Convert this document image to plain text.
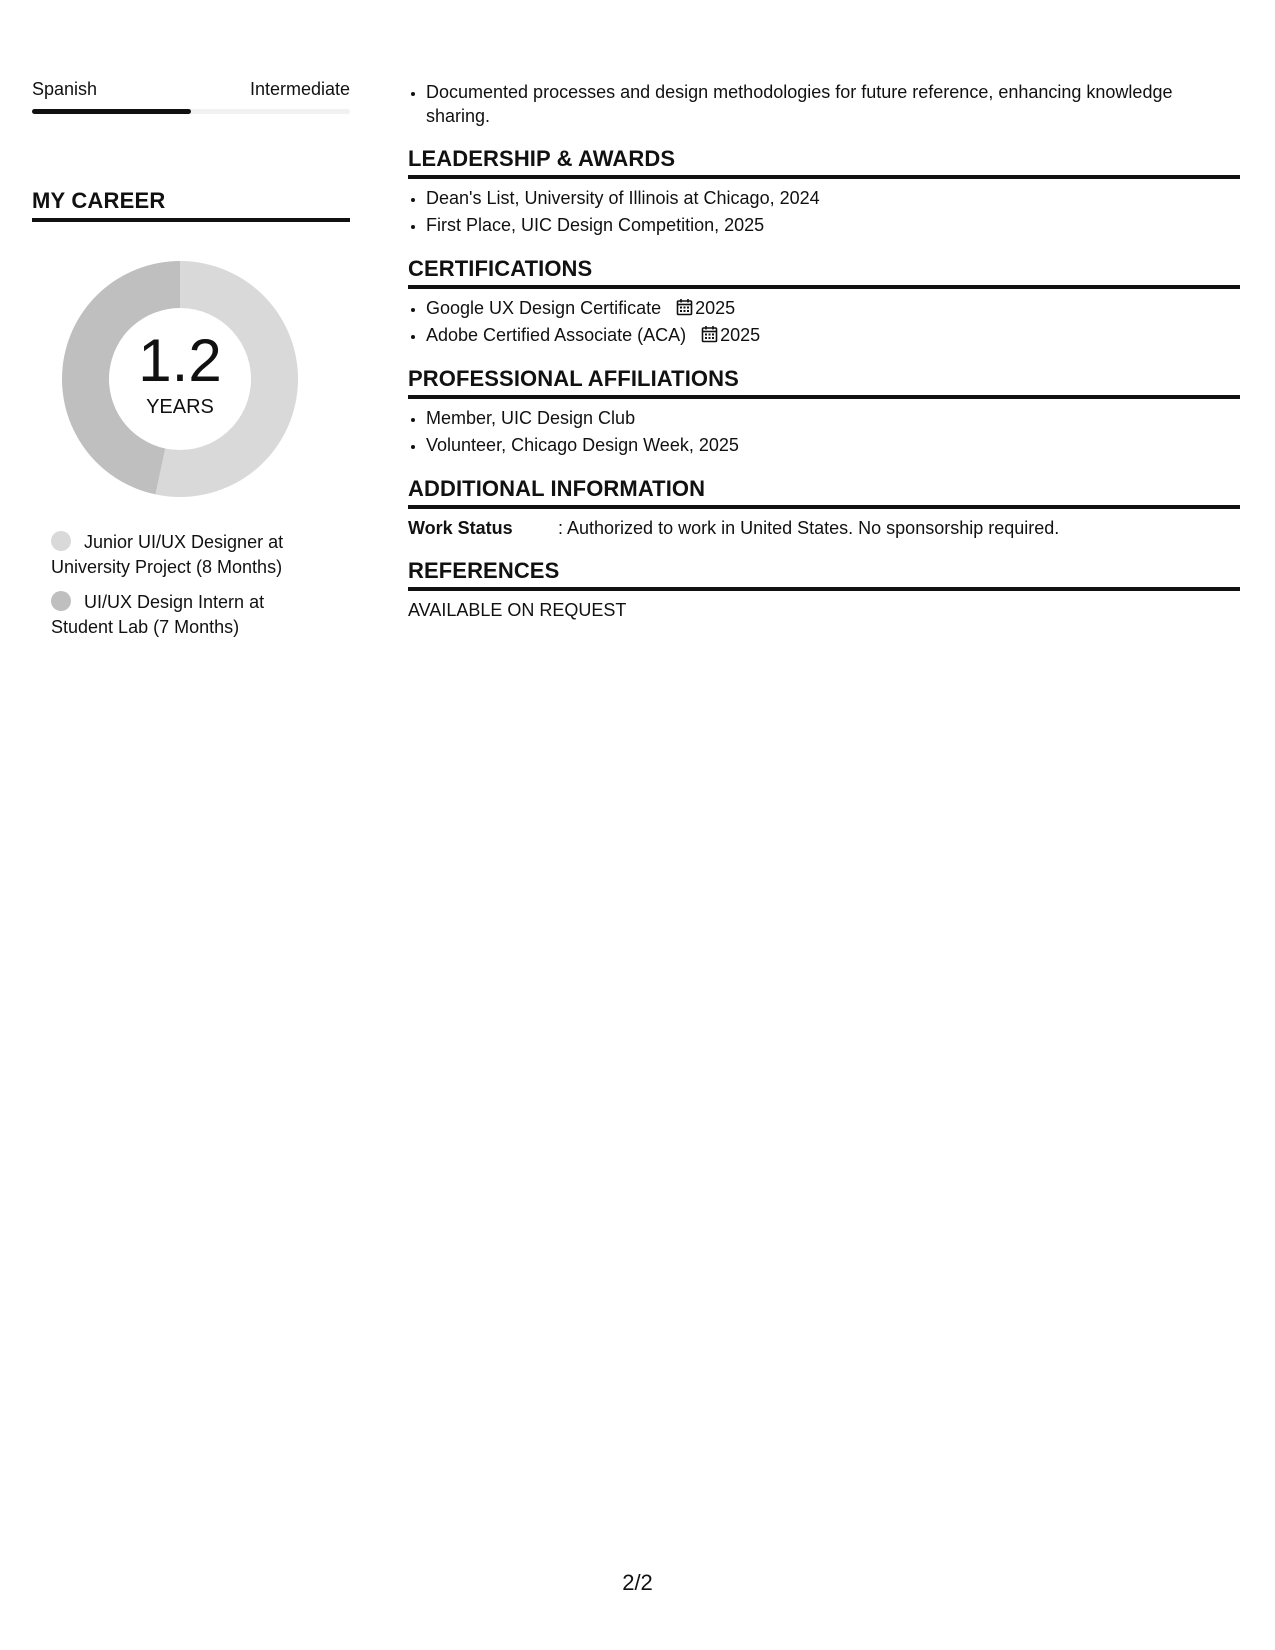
Spanish	Intermediate
MY CAREER
1.2
YEARS
Junior UI/UX Designer at University Project (8 Months)
UI/UX Design Intern at Student Lab (7 Months)
• Documented processes and design methodologies for future reference, enhancing knowledge sharing.
LEADERSHIP & AWARDS
• Dean's List, University of Illinois at Chicago, 2024
• First Place, UIC Design Competition, 2025
CERTIFICATIONS
• Google UX Design Certificate 2025
• Adobe Certified Associate (ACA) 2025
PROFESSIONAL AFFILIATIONS
• Member, UIC Design Club
• Volunteer, Chicago Design Week, 2025
ADDITIONAL INFORMATION
Work Status	: Authorized to work in United States. No sponsorship required.
REFERENCES
AVAILABLE ON REQUEST
2/2
